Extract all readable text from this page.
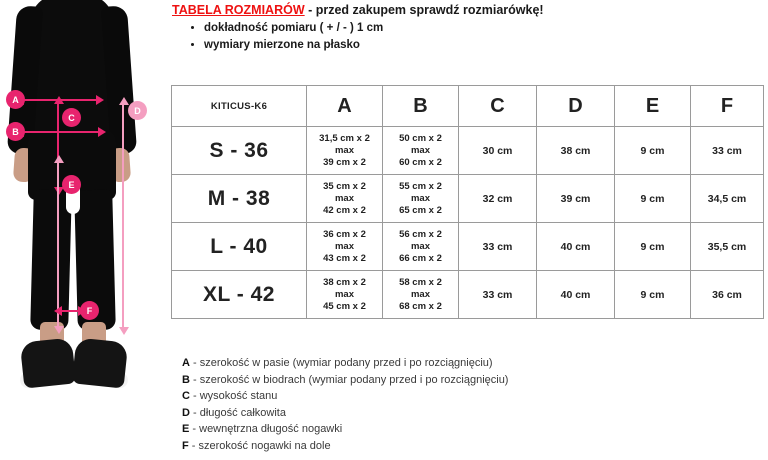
A
B
C
D
E
F
TABELA ROZMIARÓW - przed zakupem sprawdź rozmiarówkę!
• dokładność pomiaru ( + / - ) 1 cm
• wymiary mierzone na płasko
KITICUS-K6	A	B	C	D	E	F
S - 36	31,5 cm x 2
max
39 cm x 2	50 cm x 2
max
60 cm x 2	30 cm	38 cm	9 cm	33 cm
M - 38	35 cm x 2
max
42 cm x 2	55 cm x 2
max
65 cm x 2	32 cm	39 cm	9 cm	34,5 cm
L - 40	36 cm x 2
max
43 cm x 2	56 cm x 2
max
66 cm x 2	33 cm	40 cm	9 cm	35,5 cm
XL - 42	38 cm x 2
max
45 cm x 2	58 cm x 2
max
68 cm x 2	33 cm	40 cm	9 cm	36 cm
A - szerokość w pasie (wymiar podany przed i po rozciągnięciu)
B - szerokość w biodrach (wymiar podany przed i po rozciągnięciu)
C - wysokość stanu
D - długość całkowita
E - wewnętrzna długość nogawki
F - szerokość nogawki na dole
